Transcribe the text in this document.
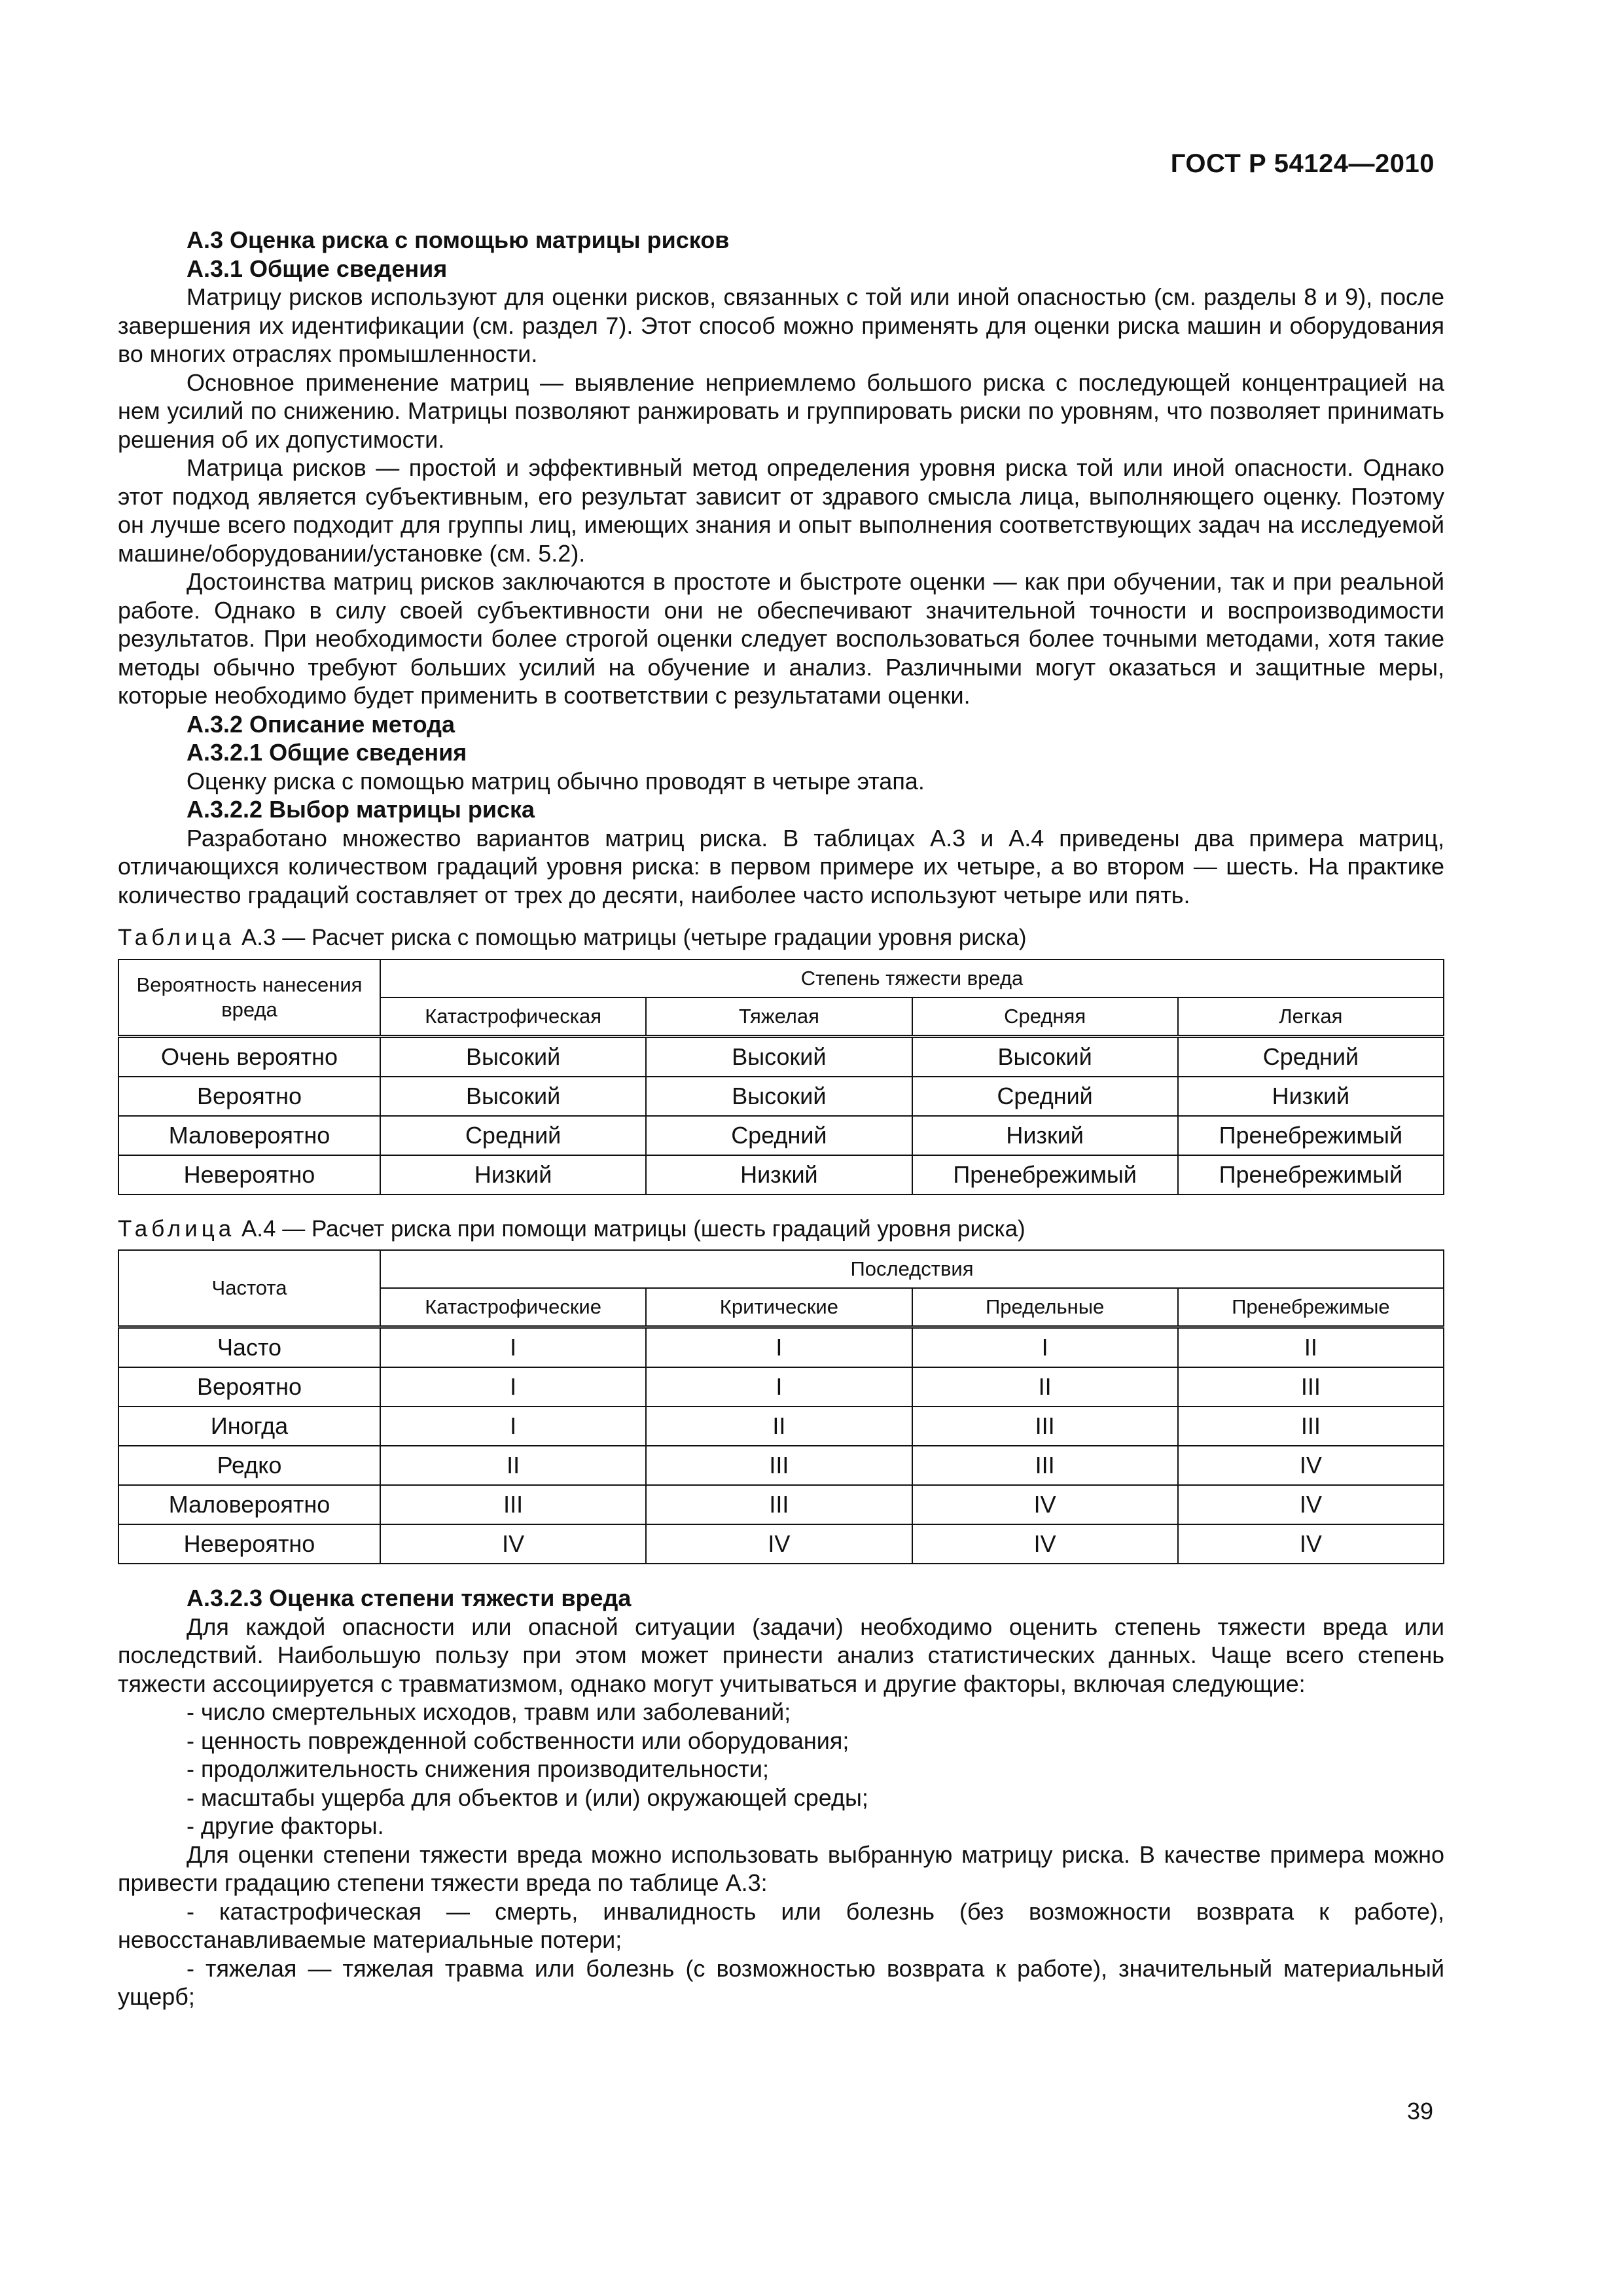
ГОСТ Р 54124—2010

А.3 Оценка риска с помощью матрицы рисков

А.3.1 Общие сведения

Матрицу рисков используют для оценки рисков, связанных с той или иной опасностью (см. разделы 8 и 9), после завершения их идентификации (см. раздел 7). Этот способ можно применять для оценки риска машин и оборудования во многих отраслях промышленности.

Основное применение матриц — выявление неприемлемо большого риска с последующей концентрацией на нем усилий по снижению. Матрицы позволяют ранжировать и группировать риски по уровням, что позволяет принимать решения об их допустимости.

Матрица рисков — простой и эффективный метод определения уровня риска той или иной опасности. Однако этот подход является субъективным, его результат зависит от здравого смысла лица, выполняющего оценку. Поэтому он лучше всего подходит для группы лиц, имеющих знания и опыт выполнения соответствующих задач на исследуемой машине/оборудовании/установке (см. 5.2).

Достоинства матриц рисков заключаются в простоте и быстроте оценки — как при обучении, так и при реальной работе. Однако в силу своей субъективности они не обеспечивают значительной точности и воспроизводимости результатов. При необходимости более строгой оценки следует воспользоваться более точными методами, хотя такие методы обычно требуют больших усилий на обучение и анализ. Различными могут оказаться и защитные меры, которые необходимо будет применить в соответствии с результатами оценки.

А.3.2 Описание метода

А.3.2.1 Общие сведения

Оценку риска с помощью матриц обычно проводят в четыре этапа.

А.3.2.2 Выбор матрицы риска

Разработано множество вариантов матриц риска. В таблицах А.3 и А.4 приведены два примера матриц, отличающихся количеством градаций уровня риска: в первом примере их четыре, а во втором — шесть. На практике количество градаций составляет от трех до десяти, наиболее часто используют четыре или пять.

Таблица А.3 — Расчет риска с помощью матрицы (четыре градации уровня риска)
Вероятность нанесения вреда	Степень тяжести вреда			
	Катастрофическая	Тяжелая	Средняя	Легкая
Очень вероятно	Высокий	Высокий	Высокий	Средний
Вероятно	Высокий	Высокий	Средний	Низкий
Маловероятно	Средний	Средний	Низкий	Пренебрежимый
Невероятно	Низкий	Низкий	Пренебрежимый	Пренебрежимый
Таблица А.4 — Расчет риска при помощи матрицы (шесть градаций уровня риска)
Частота	Последствия			
	Катастрофические	Критические	Предельные	Пренебрежимые
Часто	I	I	I	II
Вероятно	I	I	II	III
Иногда	I	II	III	III
Редко	II	III	III	IV
Маловероятно	III	III	IV	IV
Невероятно	IV	IV	IV	IV

А.3.2.3 Оценка степени тяжести вреда

Для каждой опасности или опасной ситуации (задачи) необходимо оценить степень тяжести вреда или последствий. Наибольшую пользу при этом может принести анализ статистических данных. Чаще всего степень тяжести ассоциируется с травматизмом, однако могут учитываться и другие факторы, включая следующие:

- число смертельных исходов, травм или заболеваний;

- ценность поврежденной собственности или оборудования;

- продолжительность снижения производительности;

- масштабы ущерба для объектов и (или) окружающей среды;

- другие факторы.

Для оценки степени тяжести вреда можно использовать выбранную матрицу риска. В качестве примера можно привести градацию степени тяжести вреда по таблице А.3:

- катастрофическая — смерть, инвалидность или болезнь (без возможности возврата к работе), невосстанавливаемые материальные потери;

- тяжелая — тяжелая травма или болезнь (с возможностью возврата к работе), значительный материальный ущерб;

39
